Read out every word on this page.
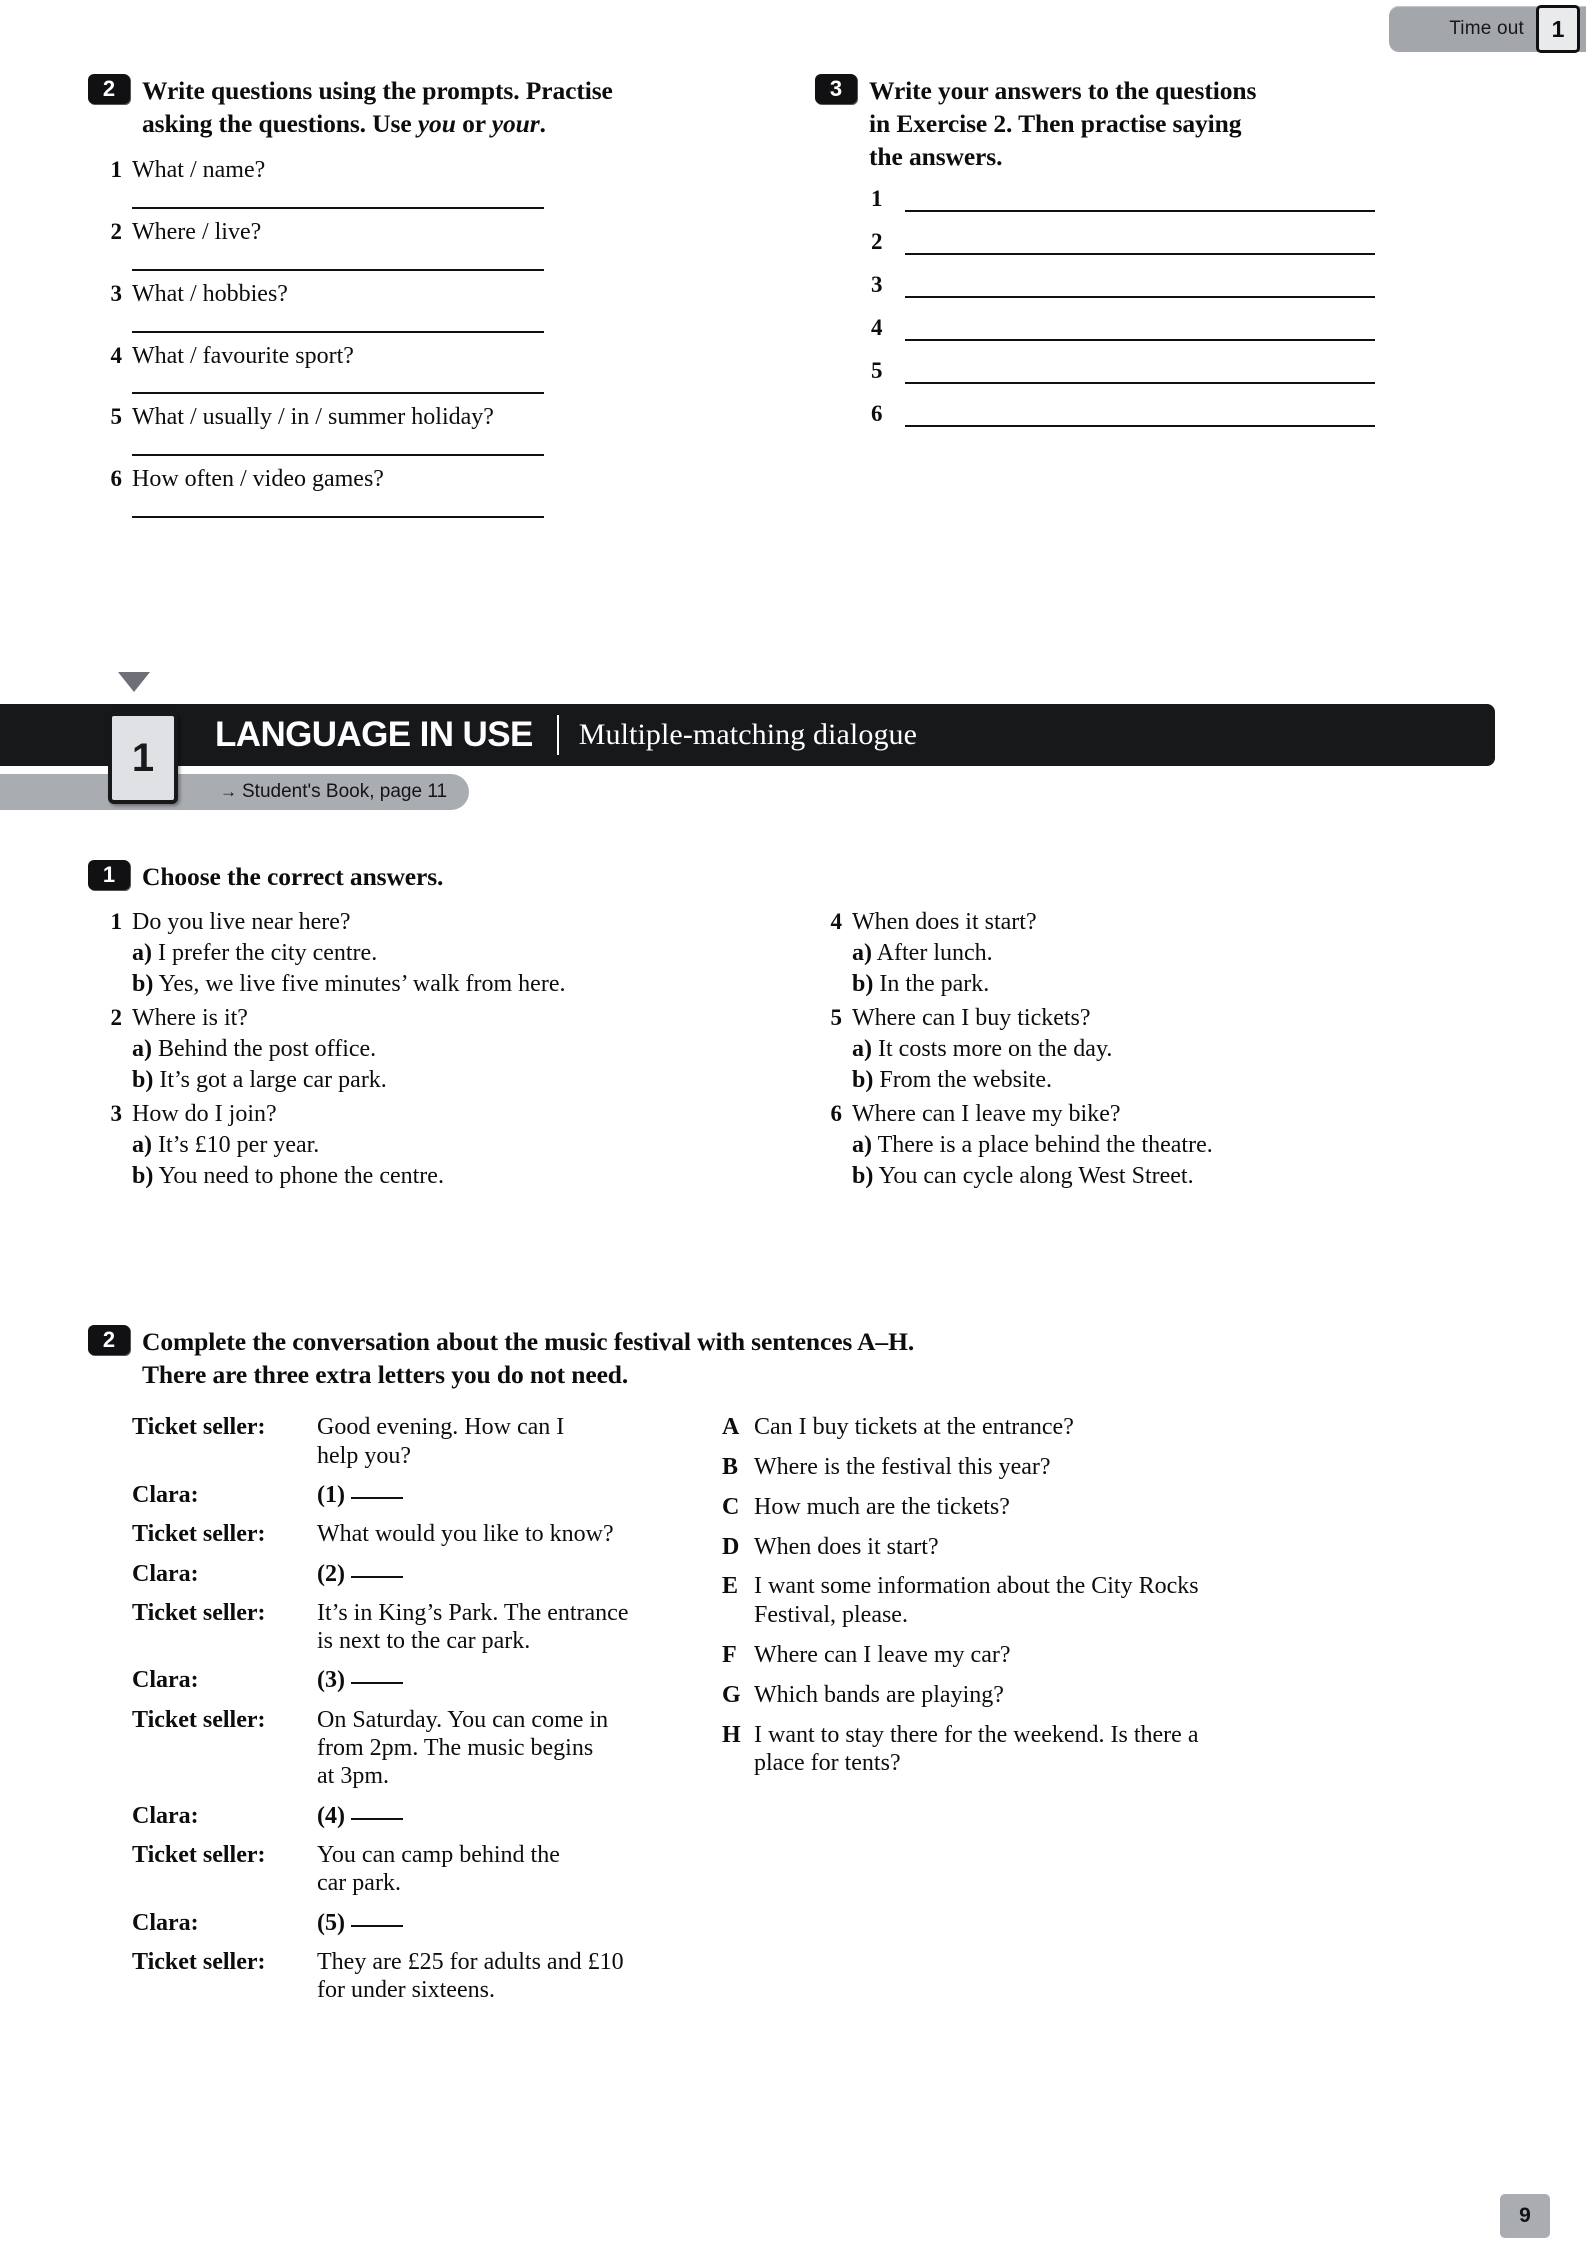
Time out	1
2	Write questions using the prompts. Practise
asking the questions. Use you or your.
1 What / name?
2 Where / live?
3 What / hobbies?
4 What / favourite sport?
5 What / usually / in / summer holiday?
6 How often / video games?
3	Write your answers to the questions
in Exercise 2. Then practise saying
the answers.
1
2
3
4
5
6
LANGUAGE IN USE Multiple-matching dialogue
1
→ Student's Book, page 11
1	Choose the correct answers.
1 Do you live near here?
a) I prefer the city centre.
b) Yes, we live five minutes’ walk from here.
2 Where is it?
a) Behind the post office.
b) It’s got a large car park.
3 How do I join?
a) It’s £10 per year.
b) You need to phone the centre.
4 When does it start?
a) After lunch.
b) In the park.
5 Where can I buy tickets?
a) It costs more on the day.
b) From the website.
6 Where can I leave my bike?
a) There is a place behind the theatre.
b) You can cycle along West Street.
2	Complete the conversation about the music festival with sentences A–H.
There are three extra letters you do not need.
Ticket seller:	Good evening. How can I
help you?
Clara:	(1)
Ticket seller:	What would you like to know?
Clara:	(2)
Ticket seller:	It’s in King’s Park. The entrance
is next to the car park.
Clara:	(3)
Ticket seller:	On Saturday. You can come in
from 2pm. The music begins
at 3pm.
Clara:	(4)
Ticket seller:	You can camp behind the
car park.
Clara:	(5)
Ticket seller:	They are £25 for adults and £10
for under sixteens.
A Can I buy tickets at the entrance?
B Where is the festival this year?
C How much are the tickets?
D When does it start?
E I want some information about the City Rocks
Festival, please.
F Where can I leave my car?
G Which bands are playing?
H I want to stay there for the weekend. Is there a
place for tents?
9
